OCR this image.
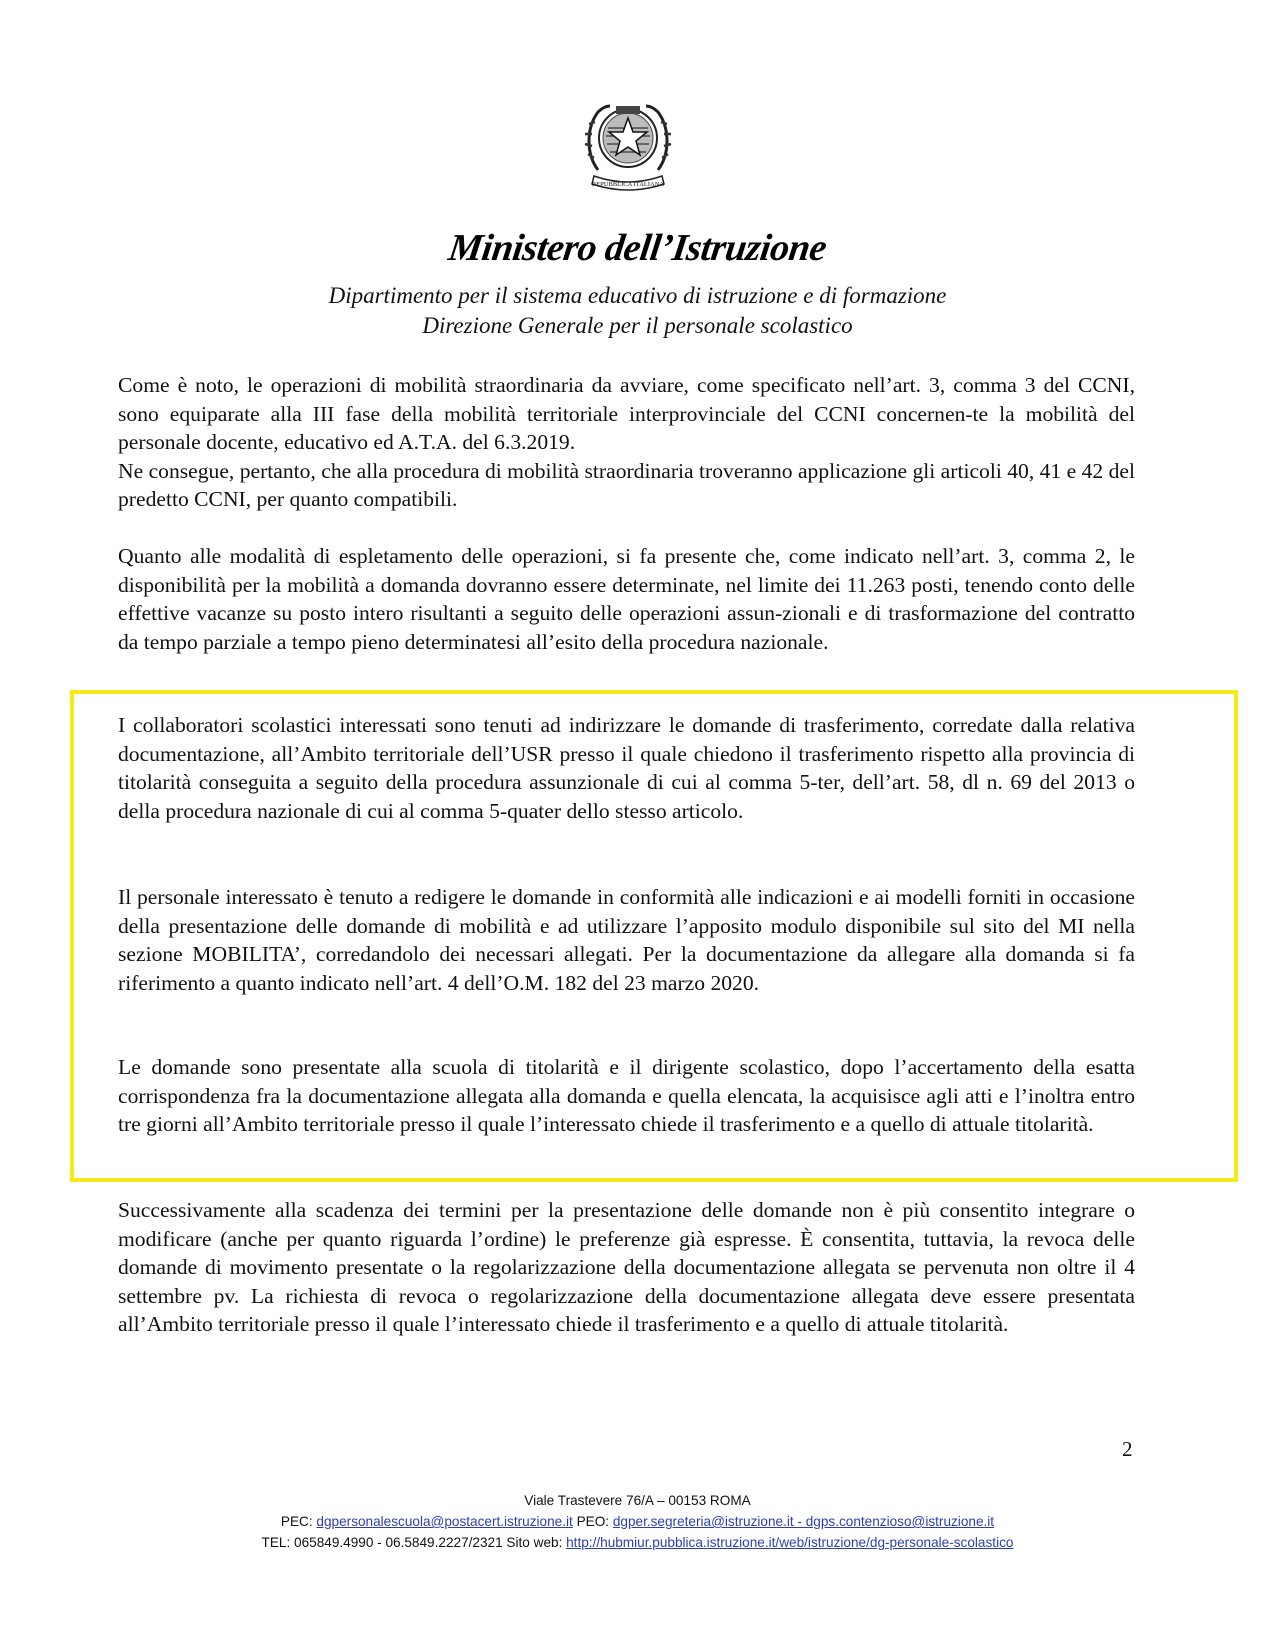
REPUBBLICA ITALIANA
Ministero dell’Istruzione
Dipartimento per il sistema educativo di istruzione e di formazione
Direzione Generale per il personale scolastico

Come è noto, le operazioni di mobilità straordinaria da avviare, come specificato nell’art. 3, comma 3 del CCNI, sono equiparate alla III fase della mobilità territoriale interprovinciale del CCNI concernen-te la mobilità del personale docente, educativo ed A.T.A. del 6.3.2019.

Ne consegue, pertanto, che alla procedura di mobilità straordinaria troveranno applicazione gli articoli 40, 41 e 42 del predetto CCNI, per quanto compatibili.

Quanto alle modalità di espletamento delle operazioni, si fa presente che, come indicato nell’art. 3, comma 2, le disponibilità per la mobilità a domanda dovranno essere determinate, nel limite dei 11.263 posti, tenendo conto delle effettive vacanze su posto intero risultanti a seguito delle operazioni assun-zionali e di trasformazione del contratto da tempo parziale a tempo pieno determinatesi all’esito della procedura nazionale.

I collaboratori scolastici interessati sono tenuti ad indirizzare le domande di trasferimento, corredate dalla relativa documentazione, all’Ambito territoriale dell’USR presso il quale chiedono il trasferimento rispetto alla provincia di titolarità conseguita a seguito della procedura assunzionale di cui al comma 5-ter, dell’art. 58, dl n. 69 del 2013 o della procedura nazionale di cui al comma 5-quater dello stesso articolo.

Il personale interessato è tenuto a redigere le domande in conformità alle indicazioni e ai modelli forniti in occasione della presentazione delle domande di mobilità e ad utilizzare l’apposito modulo disponibile sul sito del MI nella sezione MOBILITA’, corredandolo dei necessari allegati. Per la documentazione da allegare alla domanda si fa riferimento a quanto indicato nell’art. 4 dell’O.M. 182 del 23 marzo 2020.

Le domande sono presentate alla scuola di titolarità e il dirigente scolastico, dopo l’accertamento della esatta corrispondenza fra la documentazione allegata alla domanda e quella elencata, la acquisisce agli atti e l’inoltra entro tre giorni all’Ambito territoriale presso il quale l’interessato chiede il trasferimento e a quello di attuale titolarità.

Successivamente alla scadenza dei termini per la presentazione delle domande non è più consentito integrare o modificare (anche per quanto riguarda l’ordine) le preferenze già espresse. È consentita, tuttavia, la revoca delle domande di movimento presentate o la regolarizzazione della documentazione allegata se pervenuta non oltre il 4 settembre pv. La richiesta di revoca o regolarizzazione della documentazione allegata deve essere presentata all’Ambito territoriale presso il quale l’interessato chiede il trasferimento e a quello di attuale titolarità.

2
Viale Trastevere 76/A – 00153 ROMA
PEC: dgpersonalescuola@postacert.istruzione.it PEO: dgper.segreteria@istruzione.it - dgps.contenzioso@istruzione.it
TEL: 065849.4990 - 06.5849.2227/2321 Sito web: http://hubmiur.pubblica.istruzione.it/web/istruzione/dg-personale-scolastico
